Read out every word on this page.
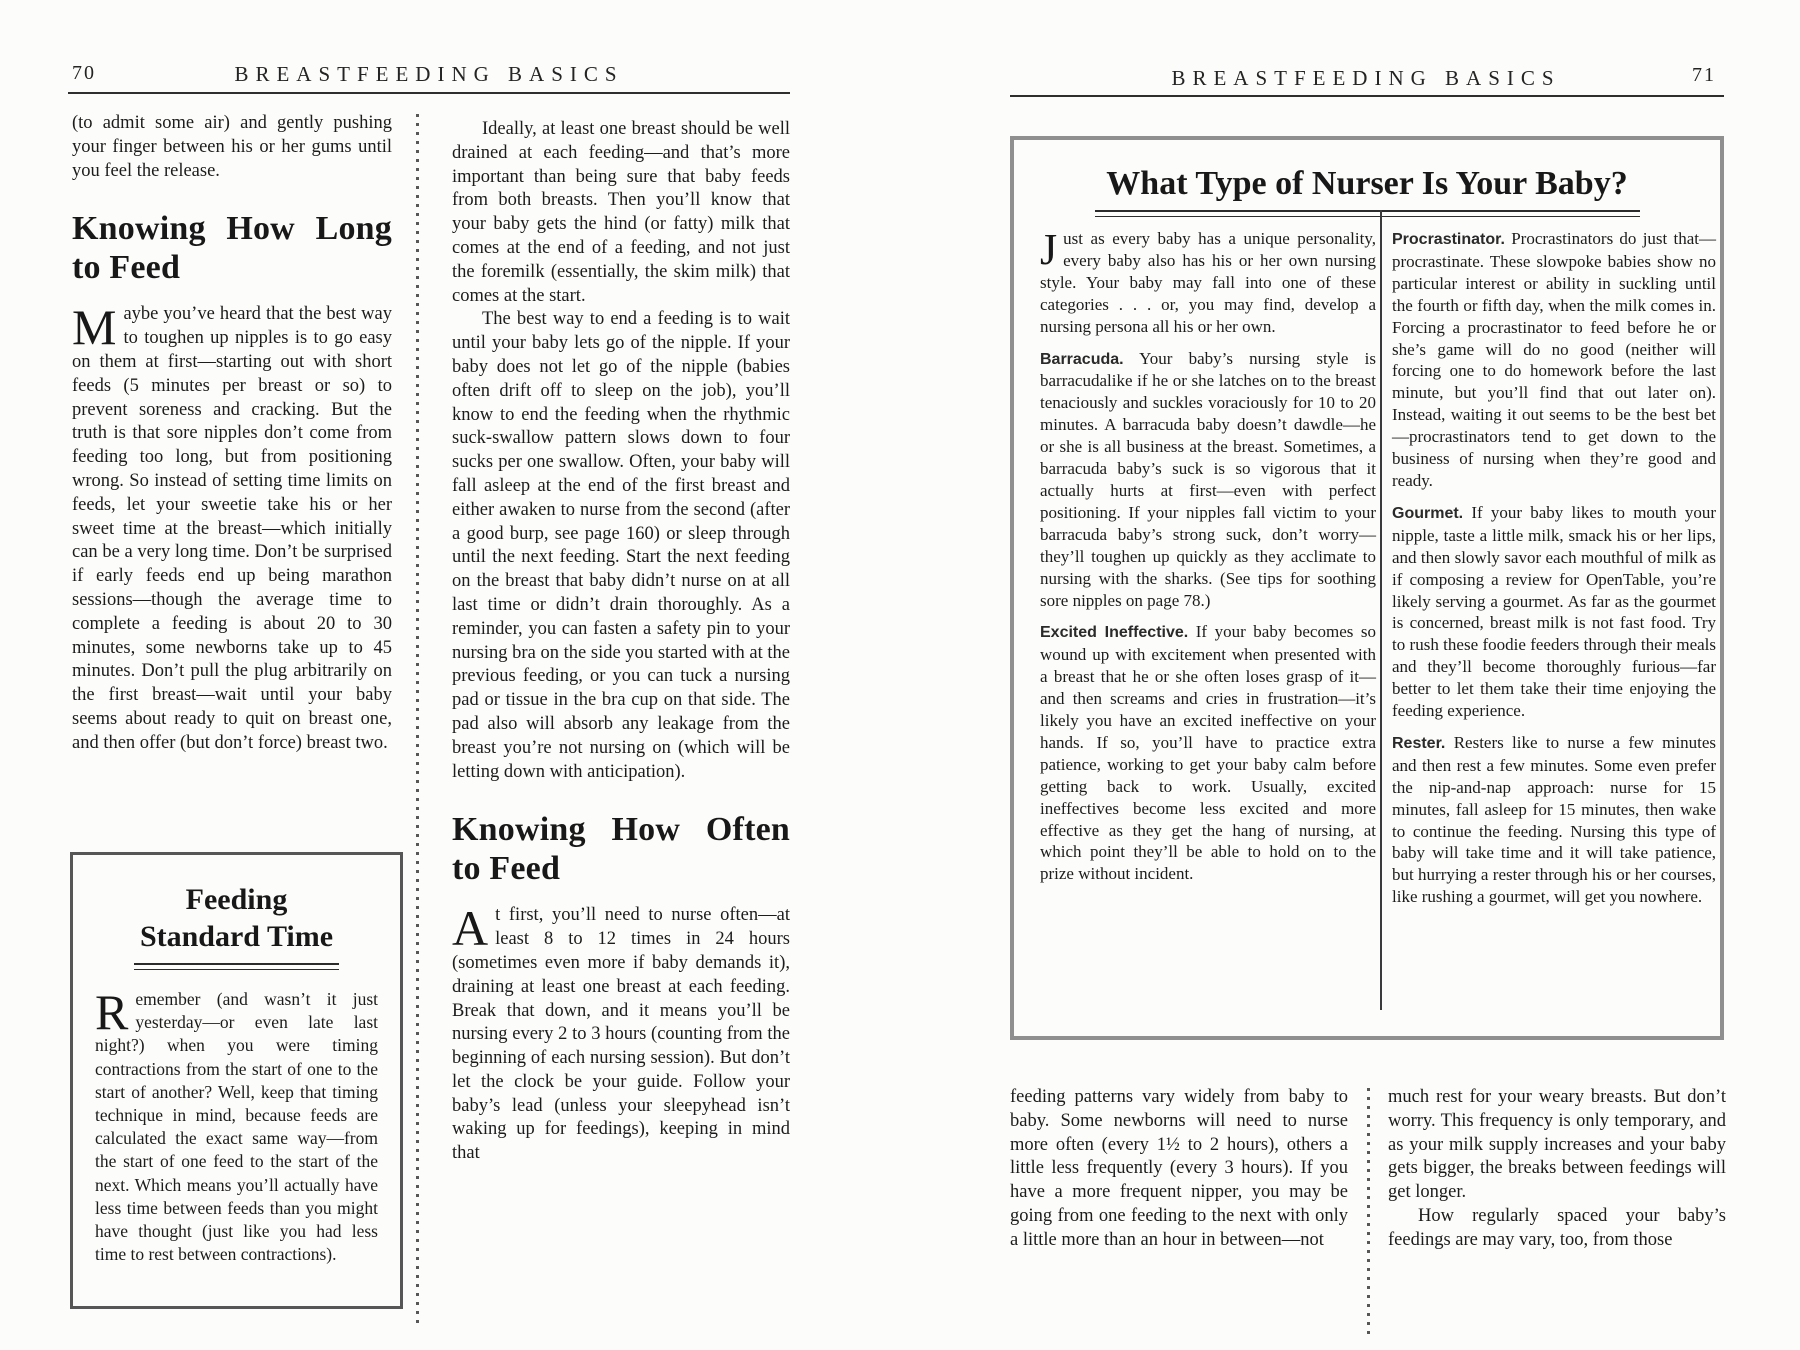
70	BREASTFEEDING BASICS

(to admit some air) and gently pushing your finger between his or her gums until you feel the release.

Knowing How Long to Feed

Maybe you’ve heard that the best way to toughen up nipples is to go easy on them at first—starting out with short feeds (5 minutes per breast or so) to prevent soreness and cracking. But the truth is that sore nipples don’t come from feeding too long, but from positioning wrong. So instead of setting time limits on feeds, let your sweetie take his or her sweet time at the breast—which initially can be a very long time. Don’t be surprised if early feeds end up being marathon sessions—though the average time to complete a feeding is about 20 to 30 minutes, some newborns take up to 45 minutes. Don’t pull the plug arbitrarily on the first breast—wait until your baby seems about ready to quit on breast one, and then offer (but don’t force) breast two.

Feeding
Standard Time

Remember (and wasn’t it just yesterday—or even late last night?) when you were timing contractions from the start of one to the start of another? Well, keep that timing technique in mind, because feeds are calculated the exact same way—from the start of one feed to the start of the next. Which means you’ll actually have less time between feeds than you might have thought (just like you had less time to rest between contractions).

Ideally, at least one breast should be well drained at each feeding—and that’s more important than being sure that baby feeds from both breasts. Then you’ll know that your baby gets the hind (or fatty) milk that comes at the end of a feeding, and not just the foremilk (essentially, the skim milk) that comes at the start.

The best way to end a feeding is to wait until your baby lets go of the nipple. If your baby does not let go of the nipple (babies often drift off to sleep on the job), you’ll know to end the feeding when the rhythmic suck-swallow pattern slows down to four sucks per one swallow. Often, your baby will fall asleep at the end of the first breast and either awaken to nurse from the second (after a good burp, see page 160) or sleep through until the next feeding. Start the next feeding on the breast that baby didn’t nurse on at all last time or didn’t drain thoroughly. As a reminder, you can fasten a safety pin to your nursing bra on the side you started with at the previous feeding, or you can tuck a nursing pad or tissue in the bra cup on that side. The pad also will absorb any leakage from the breast you’re not nursing on (which will be letting down with anticipation).

Knowing How Often to Feed

At first, you’ll need to nurse often—at least 8 to 12 times in 24 hours (sometimes even more if baby demands it), draining at least one breast at each feeding. Break that down, and it means you’ll be nursing every 2 to 3 hours (counting from the beginning of each nursing session). But don’t let the clock be your guide. Follow your baby’s lead (unless your sleepyhead isn’t waking up for feedings), keeping in mind that

BREASTFEEDING BASICS	71
What Type of Nurser Is Your Baby?

Just as every baby has a unique personality, every baby also has his or her own nursing style. Your baby may fall into one of these categories . . . or, you may find, develop a nursing persona all his or her own.

Barracuda. Your baby’s nursing style is barracudalike if he or she latches on to the breast tenaciously and suckles voraciously for 10 to 20 minutes. A barracuda baby doesn’t dawdle—he or she is all business at the breast. Sometimes, a barracuda baby’s suck is so vigorous that it actually hurts at first—even with perfect positioning. If your nipples fall victim to your barracuda baby’s strong suck, don’t worry—they’ll toughen up quickly as they acclimate to nursing with the sharks. (See tips for soothing sore nipples on page 78.)

Excited Ineffective. If your baby becomes so wound up with excitement when presented with a breast that he or she often loses grasp of it—and then screams and cries in frustration—it’s likely you have an excited ineffective on your hands. If so, you’ll have to practice extra patience, working to get your baby calm before getting back to work. Usually, excited ineffectives become less excited and more effective as they get the hang of nursing, at which point they’ll be able to hold on to the prize without incident.

Procrastinator. Procrastinators do just that—procrastinate. These slowpoke babies show no particular interest or ability in suckling until the fourth or fifth day, when the milk comes in. Forcing a procrastinator to feed before he or she’s game will do no good (neither will forcing one to do homework before the last minute, but you’ll find that out later on). Instead, waiting it out seems to be the best bet—procrastinators tend to get down to the business of nursing when they’re good and ready.

Gourmet. If your baby likes to mouth your nipple, taste a little milk, smack his or her lips, and then slowly savor each mouthful of milk as if composing a review for OpenTable, you’re likely serving a gourmet. As far as the gourmet is concerned, breast milk is not fast food. Try to rush these foodie feeders through their meals and they’ll become thoroughly furious—far better to let them take their time enjoying the feeding experience.

Rester. Resters like to nurse a few minutes and then rest a few minutes. Some even prefer the nip-and-nap approach: nurse for 15 minutes, fall asleep for 15 minutes, then wake to continue the feeding. Nursing this type of baby will take time and it will take patience, but hurrying a rester through his or her courses, like rushing a gourmet, will get you nowhere.

feeding patterns vary widely from baby to baby. Some newborns will need to nurse more often (every 1½ to 2 hours), others a little less frequently (every 3 hours). If you have a more frequent nipper, you may be going from one feeding to the next with only a little more than an hour in between—not

much rest for your weary breasts. But don’t worry. This frequency is only temporary, and as your milk supply increases and your baby gets bigger, the breaks between feedings will get longer.

How regularly spaced your baby’s feedings are may vary, too, from those
